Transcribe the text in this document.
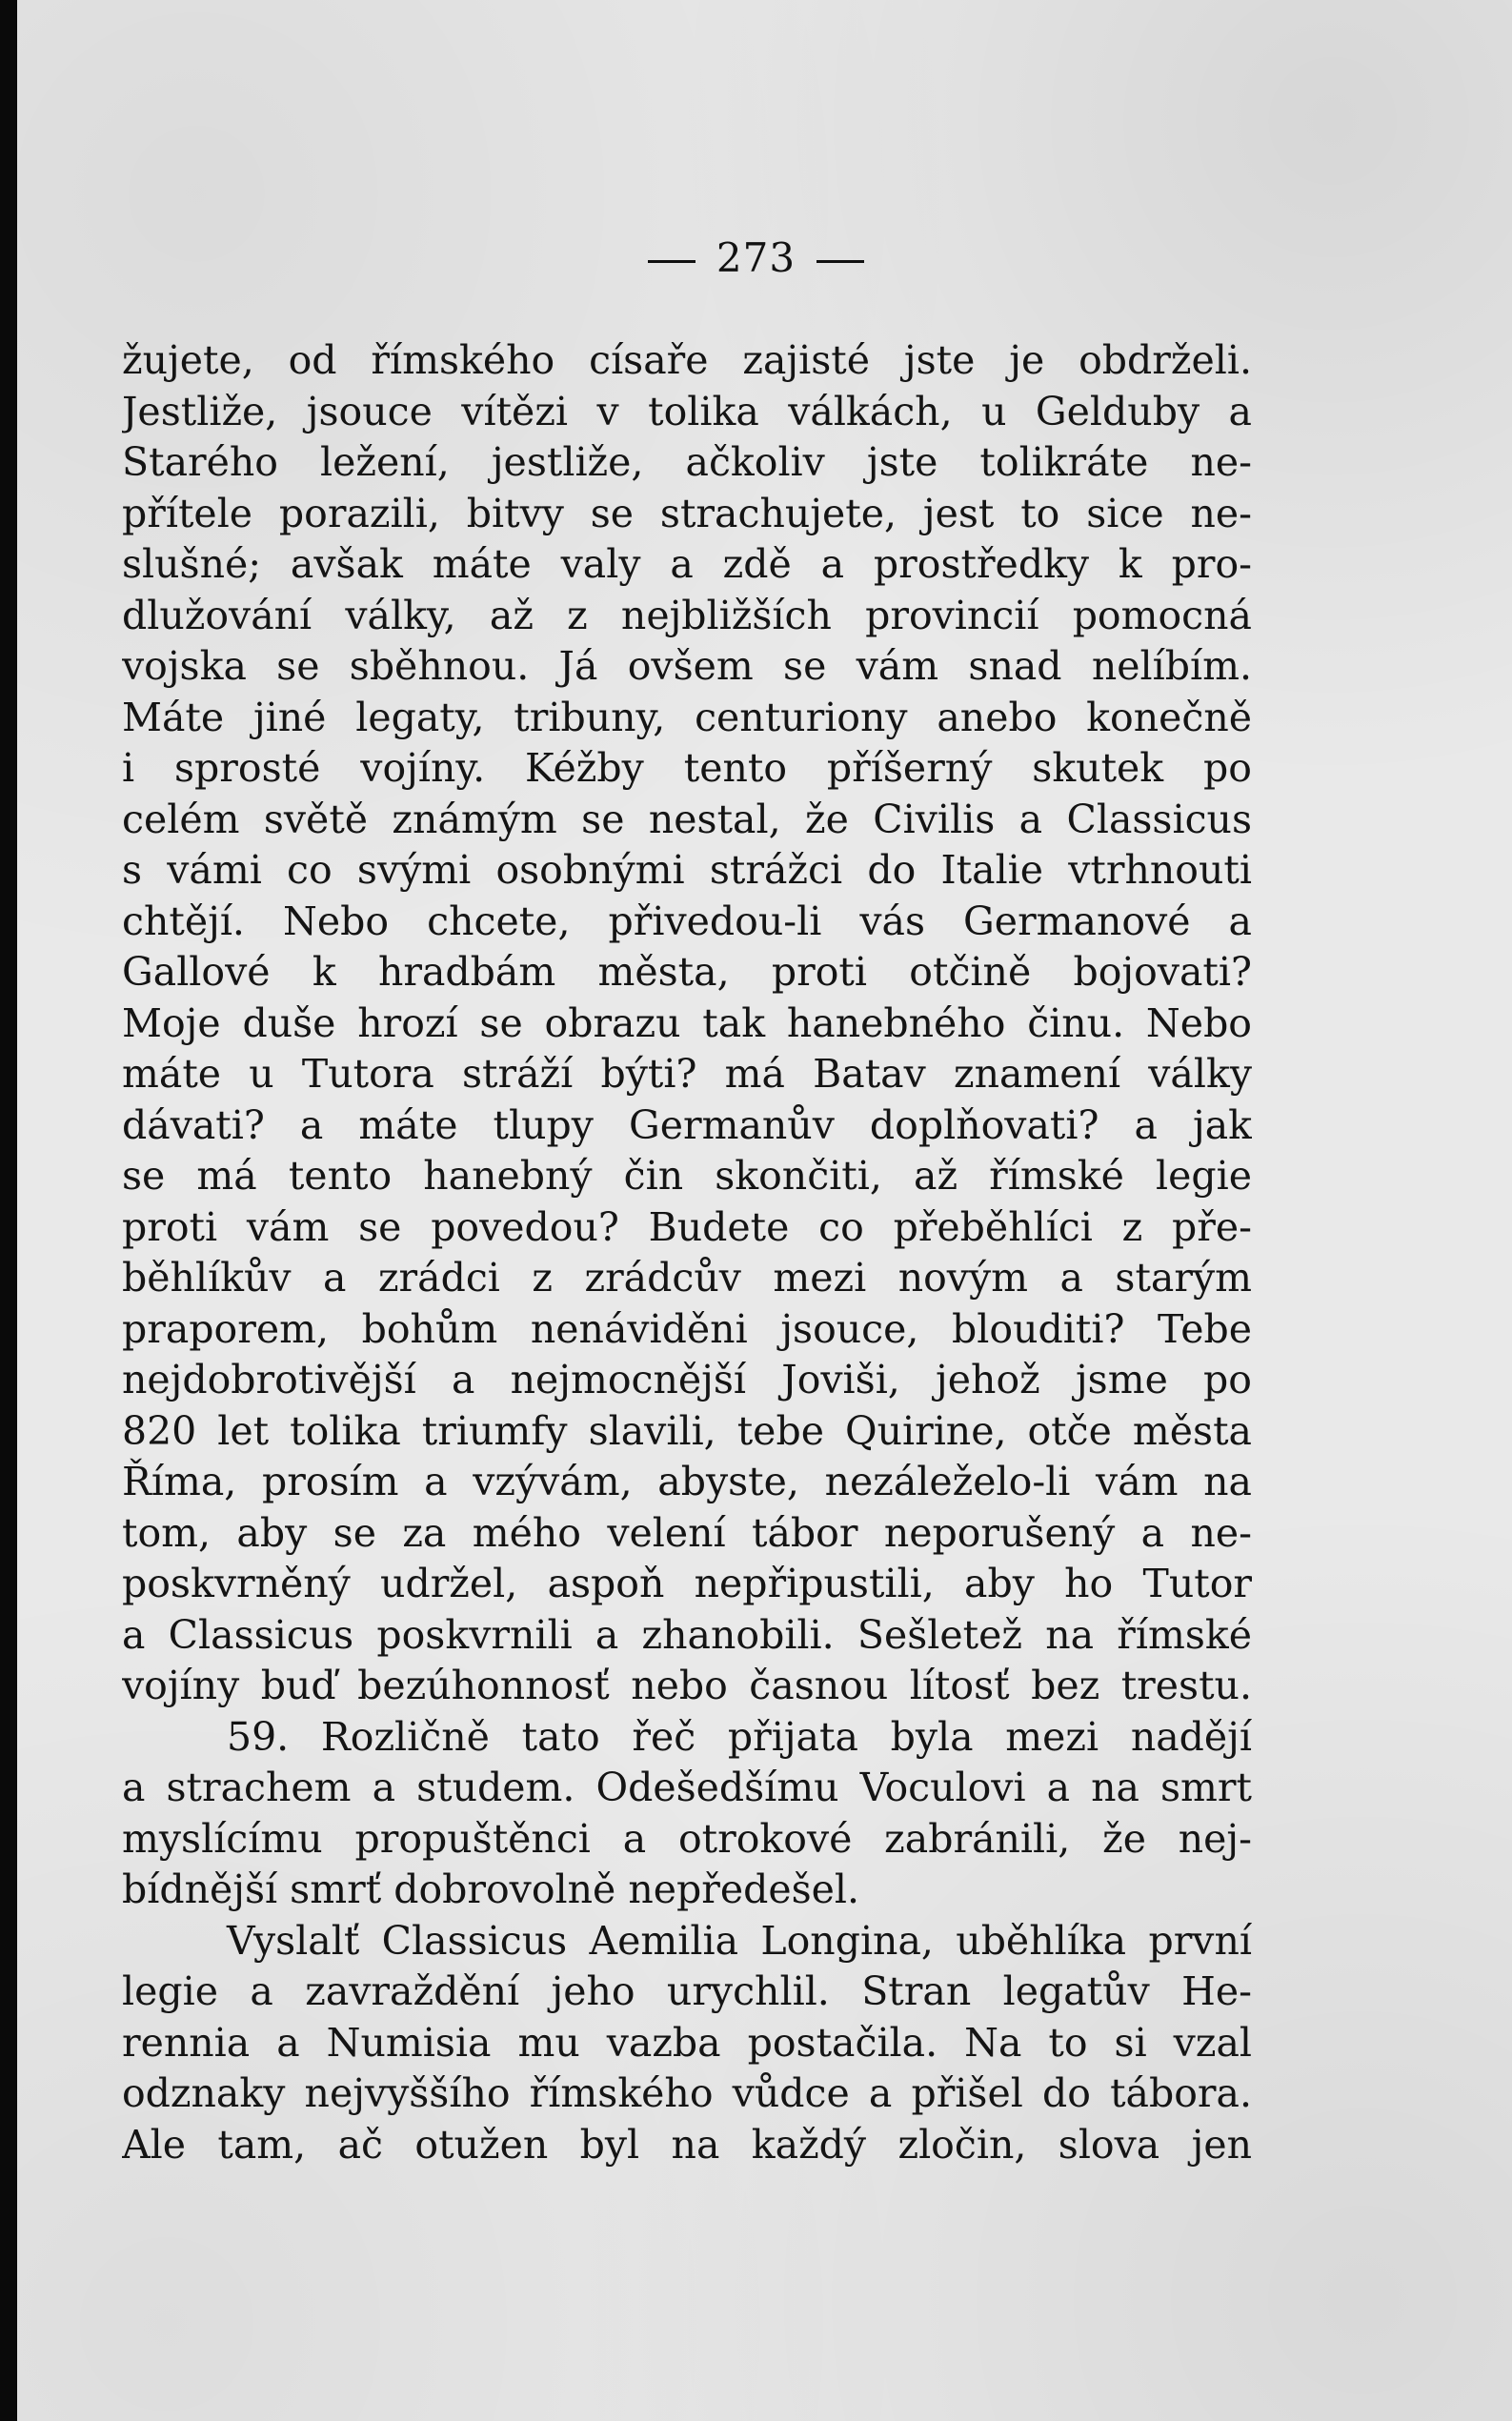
273
žujete, od římského císaře zajisté jste je obdrželi.
Jestliže, jsouce vítězi v tolika válkách, u Gelduby a
Starého ležení, jestliže, ačkoliv jste tolikráte ne-
přítele porazili, bitvy se strachujete, jest to sice ne-
slušné; avšak máte valy a zdě a prostředky k pro-
dlužování války, až z nejbližších provincií pomocná
vojska se sběhnou. Já ovšem se vám snad nelíbím.
Máte jiné legaty, tribuny, centuriony anebo konečně
i sprosté vojíny. Kéžby tento příšerný skutek po
celém světě známým se nestal, že Civilis a Classicus
s vámi co svými osobnými strážci do Italie vtrhnouti
chtějí. Nebo chcete, přivedou-li vás Germanové a
Gallové k hradbám města, proti otčině bojovati?
Moje duše hrozí se obrazu tak hanebného činu. Nebo
máte u Tutora stráží býti? má Batav znamení války
dávati? a máte tlupy Germanův doplňovati? a jak
se má tento hanebný čin skončiti, až římské legie
proti vám se povedou? Budete co přeběhlíci z pře-
běhlíkův a zrádci z zrádcův mezi novým a starým
praporem, bohům nenáviděni jsouce, blouditi? Tebe
nejdobrotivější a nejmocnější Joviši, jehož jsme po
820 let tolika triumfy slavili, tebe Quirine, otče města
Říma, prosím a vzývám, abyste, nezáleželo-li vám na
tom, aby se za mého velení tábor neporušený a ne-
poskvrněný udržel, aspoň nepřipustili, aby ho Tutor
a Classicus poskvrnili a zhanobili. Sešletež na římské
vojíny buď bezúhonnosť nebo časnou lítosť bez trestu.
59. Rozličně tato řeč přijata byla mezi nadějí
a strachem a studem. Odešedšímu Voculovi a na smrt
myslícímu propuštěnci a otrokové zabránili, že nej-
bídnější smrť dobrovolně nepředešel.
Vyslalť Classicus Aemilia Longina, uběhlíka první
legie a zavraždění jeho urychlil. Stran legatův He-
rennia a Numisia mu vazba postačila. Na to si vzal
odznaky nejvyššího římského vůdce a přišel do tábora.
Ale tam, ač otužen byl na každý zločin, slova jen
